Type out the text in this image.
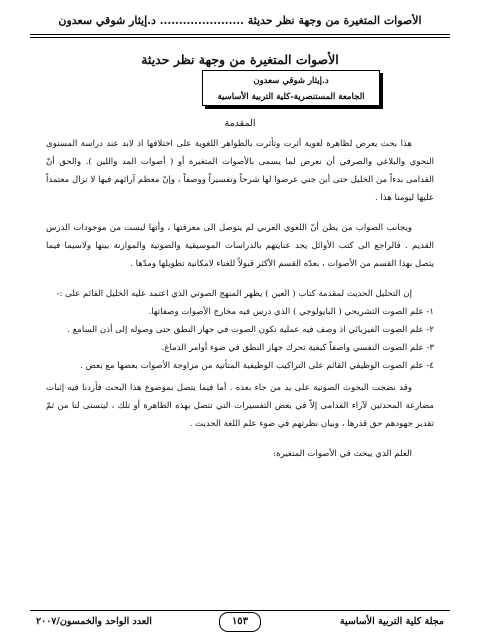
الأصوات المتغيرة من وجهة نظر حديثة ...................... د.إيثار شوقي سعدون
الأصوات المتغيرة من وجهة نظر حديثة
د.إيثار شوقي سعدون
الجامعة المستنصرية-كلية التربية الأساسية
المقدمة

هذا بحث يعرض لظاهرة لغوية أثرت وتأثرت بالظواهر اللغوية على اختلافها اذ لابد عند دراسة المستوى النحوي والبلاغي والصرفي أن نعرض لما يسمى بالأصوات المتغيرة أو ( أصوات المد واللين ). والحق أنّ القدامى بدءاً من الخليل حتى أبن جني عرضوا لها شرحاً وتفسيراً ووصفاً ، وإنّ معظم آرائهم فيها لا تزال معتمداً عليها ليومنا هذا .

ويجانب الصواب من يظن أنّ اللغوي العربي لم يتوصل الى معرفتها ، وأنها ليست من موجودات الدرس القديم . فالراجع الى كتب الأوائل يجد عنايتهم بالدراسات الموسيقية والصوتية والموازنة بينها ولاسيما فيما يتصل بهذا القسم من الأصوات ، بعدّه القسم الأكثر قبولاً للغناء لامكانية تطويلها ومدّها .

إن التحليل الحديث لمقدمة كتاب ( العين ) يظهر المنهج الصوتي الذي اعتمد عليه الخليل القائم على :-

١- علم الصوت التشريحي ( البايولوجي ) الذي درس فيه مخارج الأصوات وصفاتها.
٢- علم الصوت الفيزيائي اذ وصف فيه عملية تكون الصوت في جهاز النطق حتى وصوله إلى أذن السامع .
٣- علم الصوت النفسي واصفاً كيفية تحرك جهاز النطق في ضوء أوامر الدماغ.
٤- علم الصوت الوظيفي القائم على التراكيب الوظيفية المتأتية من مزاوجة الأصوات بعضها مع بعض .

وقد نضجت البحوث الصوتية على يد من جاء بعده . أما فيما يتصل بموضوع هذا البحث فأردنا فيه إثبات مضارعة المحدثين لآراء القدامى إلاّ في بعض التفسيرات التي تتصل بهذه الظاهرة أو تلك ، ليتسنى لنا من ثمّ تقدير جهودهم حق قدرها ، وبيان نظرتهم في ضوء علم اللغة الحديث .

العلم الذي يبحث في الأصوات المتغيرة:

مجلة كلية التربية الأساسية
١٥٣
العدد الواحد والخمسون/٢٠٠٧
